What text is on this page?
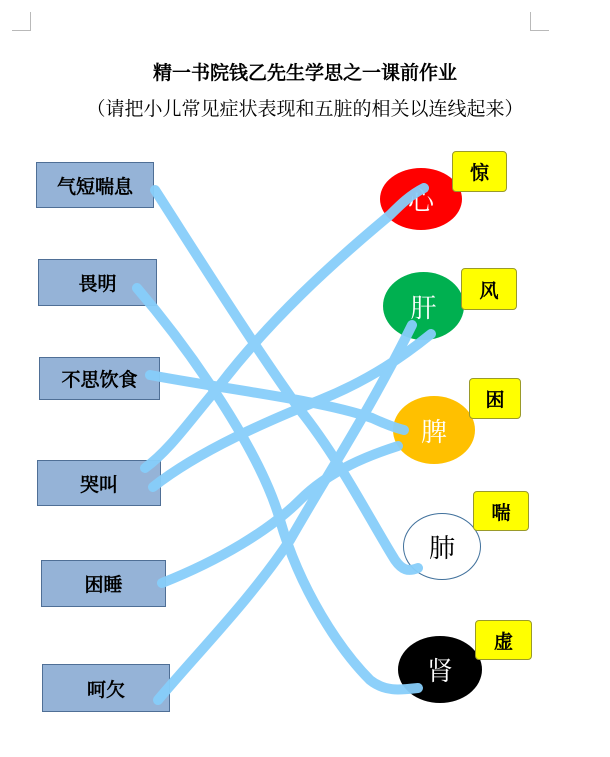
精一书院钱乙先生学思之一课前作业
（请把小儿常见症状表现和五脏的相关以连线起来）
气短喘息
畏明
不思饮食
哭叫
困睡
呵欠
心
肝
脾
肺
肾
惊
风
困
喘
虚
